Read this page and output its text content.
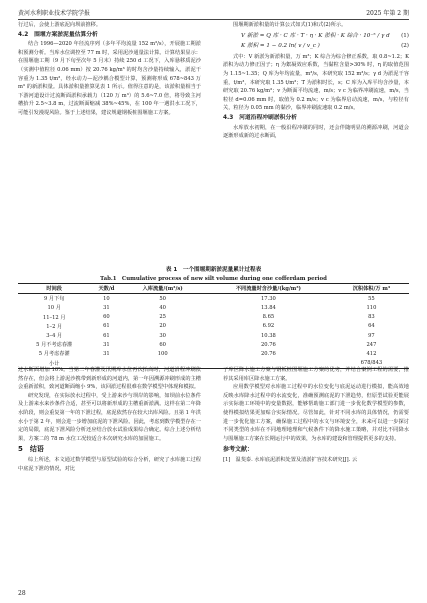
黄河水利职业技术学院学报	2025 年第 2 期

行过后，会使上游底泥向坝前推移。

4.2　围堰方案淤泥量估算分析

结合 1996—2020 年径流序列（多年平均流量 152 m³/s），开展施工期淤积预测分析。当库水位调控至 77 m 时，采用泥沙通量法计算。计算结果显示：在围堰施工期（9 月下旬至次年 5 月末）持续 250 d 工况下，入库悬移质泥沙（实测中值粒径 0.06 mm）按 20.76 kg/m³ 的时均含沙量持续输入，淤泥干容重为 1.35 t/m³，经水动力—泥沙耦合模型计算，预测将形成 678~843 万 m³ 的新淤积量。具体淤积量推算见表 1 所示。值得注意的是，该淤积量相当于下游河道设计过流断面淤积承载力（120 万 m³）的 5.6~7.0 倍，将导致主河槽抬升 2.5~3.8 m，过流断面缩减 38%~45%，在 100 年一遇洪水工况下，可能引发漫堤风险。鉴于上述结果，建议规避钢板桩围堰施工方案。

围堰期新淤积量的计算公式如式(1)和式(2)所示。

V 新淤 = Q 库 · C 库 · T · η · K 淤积 · K 综合 · 10⁻⁵ / γ d (1)
K 淤积 = 1 − 0.2 ln( v / v_c )	(2)

式中：V 新淤为新淤积量，万 m³；K 综合为综合修正系数，取 0.8~1.2；K 淤积为动力修正因子；η 为絮凝效应系数，当黏粒含量>30% 时，η 的取值范围为 1.15~1.35；Q 库为年均流量，m³/s，本研究取 152 m³/s；γ d 为淤泥干容重，t/m³，本研究取 1.35 t/m³；T 为淤积时长，s；C 库为入库平均含沙量，本研究取 20.76 kg/m³；v 为断面平均流速，m/s；v c 为临界冲刷流速，m/s，当粒径 d=0.06 mm 时，取值为 0.2 m/s；v c 为临界启动流速，m/s，与粒径有关，粒径为 0.05 mm 的黏沙，临界冲刷流速取 0.2 m/s。

4.3　河道沿程冲刷淤积分析

水库放水初期，在一般沿程冲刷的同时，还会伴随明显的溯源冲刷，河道会逐渐形成新的过水断面，

表 1　一个围堰期新淤泥量累计过程表
Tab.1　Cumulative process of new silt volume during one cofferdam period
时间段	天数/d	入库流量/(m³/s)	不同流量时含沙量/(kg/m³)	沉积体积/万 m³
9 月下旬	10	50	17.30	55
10 月	31	40	13.84	110
11–12 月	60	25	8.65	83
1–2 月	61	20	6.92	64
3–4 月	61	30	10.38	97
5 月不考虑春灌	31	60	20.76	247
5 月考虑春灌	31	100	20.76	412
小计				678/843

过水断面增加 10%。当第二年春灌及汛期库水位再次抬高时，河道沿程冲刷依然存在，但会将上游泥沙携带到新形成的河道内，第一年因溯源冲刷形成的主槽会重新淤积，致河道断面缩小 9%，该回淤过程很难在数学模型中体现和模拟。

研究发现，在实际放水过程中，受上游来沙与坝岸的影响，如坝前水位条件及上游来水来沙条件合适，甚至可以将新形成的主槽重新淤满。这样在第二年降水阶段，则会重复第一年的下泄过程，底泥依然存在较大出库风险。且第 1 年洪水小于第 2 年，则会进一步增加底泥的下泄风险。因此，考虑到数学模型存在一定的局限，底泥下泄风险分析还应结合放水试验成果综合确定。综合上述分析结果，方案二的 78 m 水位工况较适合本次研究水库的加固施工。

5　结语

综上所述，本文通过数学模型与原型试验的综合分析，研究了水库施工过程中底泥下泄的情况，对比

了库区降水施工方案与钢板桩围堰施工方案的优劣，并结合案例工程的需要，推荐其采用库区降水施工方案。

应用数学模型对水库施工过程中的水位变化与底泥运动进行模拟，能高效地反映水库降水过程中的水流变化，准确预测底泥的下泄趋势，但原型试验更能展示实际施工环境中的变量数据，能够帮助施工部门进一步优化数学模型的参数，使得模拟结果更加贴合实际情况。尽管如此，针对不同水库的具体情况，仍需要进一步优化施工方案，确保施工过程中的水文与环境安全，未来可以进一步探讨不同类型的水库在不同地理地理和气候条件下的降水施工策略，并对比不同降水与围堰施工方案在长期运行中的效果，为水库的建设和管理提供更多的支持。

参考文献：
[1]　温斐泰. 水库底泥淤积处置及清淤扩容技术研究[J]. 云
28
